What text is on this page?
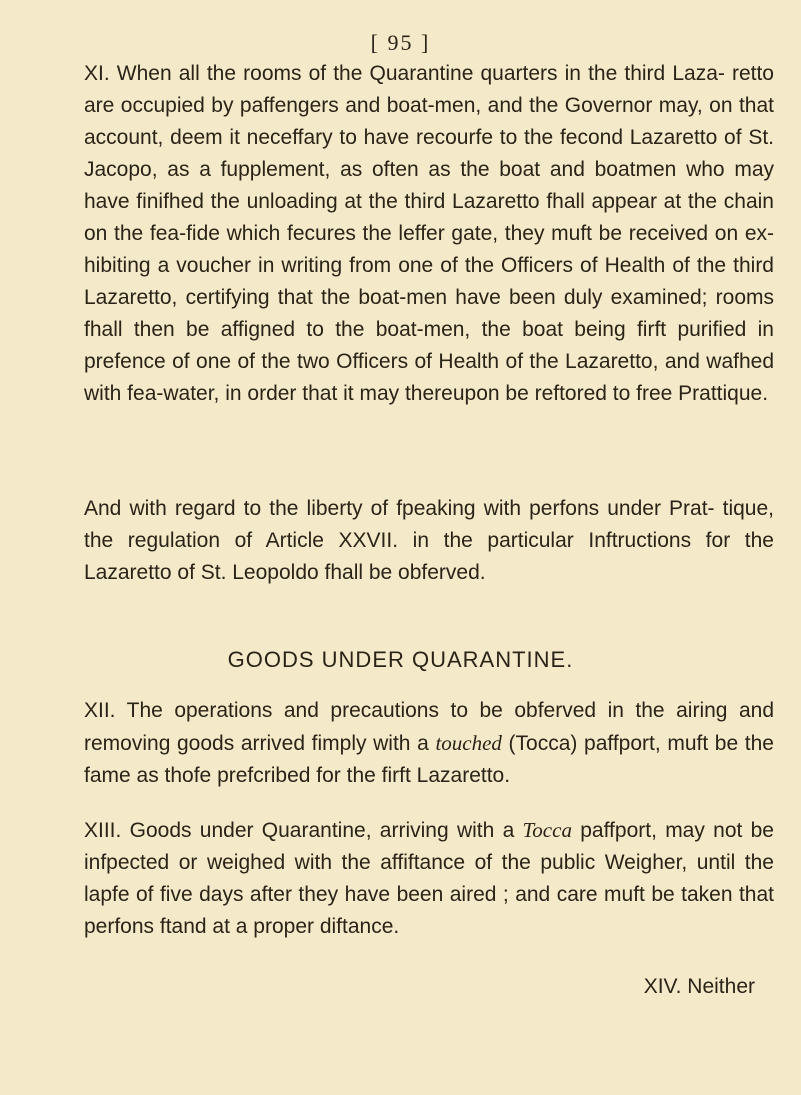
[ 95 ]

XI. When all the rooms of the Quarantine quarters in the third Laza- retto are occupied by paffengers and boat-men, and the Governor may, on that account, deem it neceffary to have recourfe to the fecond Lazaretto of St. Jacopo, as a fupplement, as often as the boat and boatmen who may have finifhed the unloading at the third Lazaretto fhall appear at the chain on the fea-fide which fecures the leffer gate, they muft be received on ex- hibiting a voucher in writing from one of the Officers of Health of the third Lazaretto, certifying that the boat-men have been duly examined; rooms fhall then be affigned to the boat-men, the boat being firft purified in prefence of one of the two Officers of Health of the Lazaretto, and wafhed with fea-water, in order that it may thereupon be reftored to free Prattique.

And with regard to the liberty of fpeaking with perfons under Prat- tique, the regulation of Article XXVII. in the particular Inftructions for the Lazaretto of St. Leopoldo fhall be obferved.

GOODS UNDER QUARANTINE.

XII. The operations and precautions to be obferved in the airing and removing goods arrived fimply with a touched (Tocca) paffport, muft be the fame as thofe prefcribed for the firft Lazaretto.

XIII. Goods under Quarantine, arriving with a Tocca paffport, may not be infpected or weighed with the affiftance of the public Weigher, until the lapfe of five days after they have been aired ; and care muft be taken that perfons ftand at a proper diftance.

XIV. Neither
